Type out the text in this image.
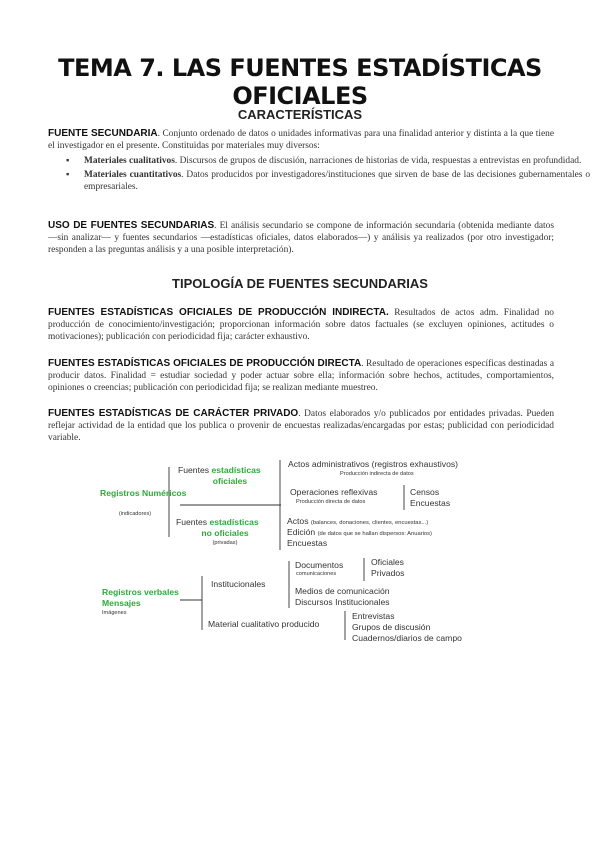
TEMA 7. LAS FUENTES ESTADÍSTICAS OFICIALES
CARACTERÍSTICAS
FUENTE SECUNDARIA. Conjunto ordenado de datos o unidades informativas para una finalidad anterior y distinta a la que tiene el investigador en el presente. Constituidas por materiales muy diversos:
▪ Materiales cualitativos. Discursos de grupos de discusión, narraciones de historias de vida, respuestas a entrevistas en profundidad.
▪ Materiales cuantitativos. Datos producidos por investigadores/instituciones que sirven de base de las decisiones gubernamentales o empresariales.
USO DE FUENTES SECUNDARIAS. El análisis secundario se compone de información secundaria (obtenida mediante datos —sin analizar— y fuentes secundarios —estadísticas oficiales, datos elaborados—) y análisis ya realizados (por otro investigador; responden a las preguntas análisis y a una posible interpretación).
TIPOLOGÍA DE FUENTES SECUNDARIAS
FUENTES ESTADÍSTICAS OFICIALES DE PRODUCCIÓN INDIRECTA. Resultados de actos adm. Finalidad no producción de conocimiento/investigación; proporcionan información sobre datos factuales (se excluyen opiniones, actitudes o motivaciones); publicación con periodicidad fija; carácter exhaustivo.
FUENTES ESTADÍSTICAS OFICIALES DE PRODUCCIÓN DIRECTA. Resultado de operaciones específicas destinadas a producir datos. Finalidad = estudiar sociedad y poder actuar sobre ella; información sobre hechos, actitudes, comportamientos, opiniones o creencias; publicación con periodicidad fija; se realizan mediante muestreo.
FUENTES ESTADÍSTICAS DE CARÁCTER PRIVADO. Datos elaborados y/o publicados por entidades privadas. Pueden reflejar actividad de la entidad que los publica o provenir de encuestas realizadas/encargadas por estas; publicidad con periodicidad variable.
Registros Numéricos
(indicadores)
Fuentes estadísticas
oficiales
Actos administrativos (registros exhaustivos)
Producción indirecta de datos
Operaciones reflexivas
Producción directa de datos
Censos
Encuestas
Fuentes estadísticas
no oficiales
(privadas)
Actos (balances, donaciones, clientes, encuestas...)
Edición (de datos que se hallan dispersos: Anuarios)
Encuestas
Registros verbales
Mensajes
Imágenes
Institucionales
Documentos
comunicaciones
Oficiales
Privados
Medios de comunicación
Discursos Institucionales
Material cualitativo producido
Entrevistas
Grupos de discusión
Cuadernos/diarios de campo
